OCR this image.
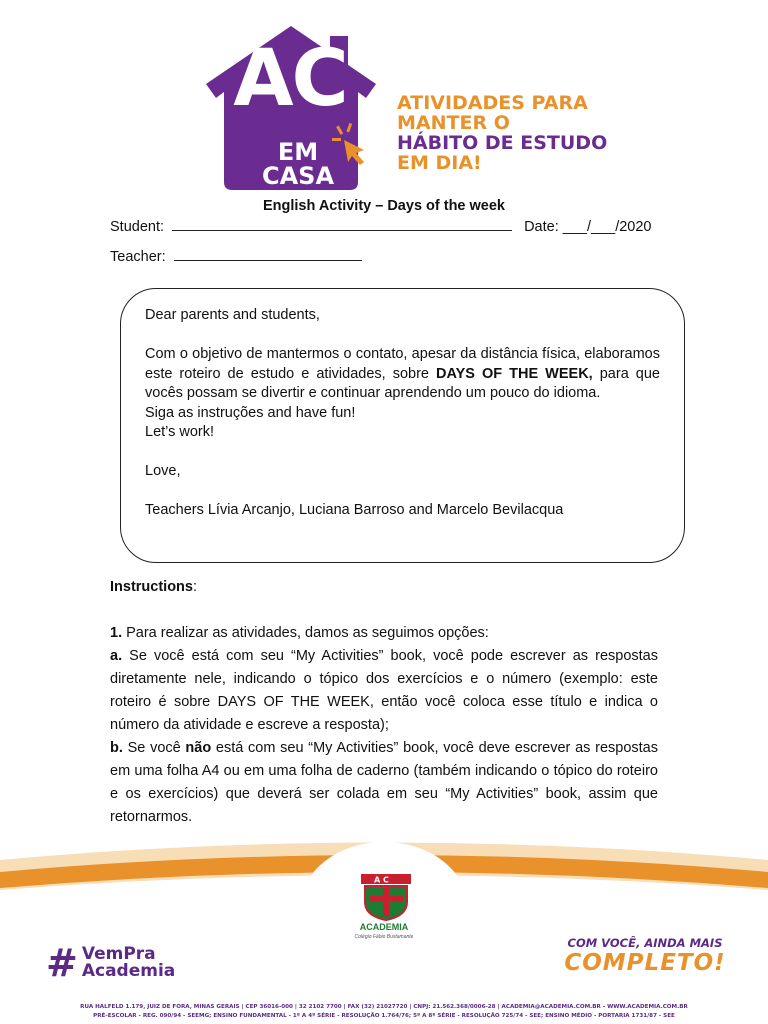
AC
EM CASA
ATIVIDADES PARA
MANTER O
HÁBITO DE ESTUDO
EM DIA!
English Activity – Days of the week
Student:	Date: ___/___/2020
Teacher:

Dear parents and students,

Com o objetivo de mantermos o contato, apesar da distância física, elaboramos este roteiro de estudo e atividades, sobre DAYS OF THE WEEK, para que vocês possam se divertir e continuar aprendendo um pouco do idioma.

Siga as instruções and have fun!

Let’s work!

Love,

Teachers Lívia Arcanjo, Luciana Barroso and Marcelo Bevilacqua

Instructions:

1. Para realizar as atividades, damos as seguimos opções:

a. Se você está com seu “My Activities” book, você pode escrever as respostas diretamente nele, indicando o tópico dos exercícios e o número (exemplo: este roteiro é sobre DAYS OF THE WEEK, então você coloca esse título e indica o número da atividade e escreve a resposta);

b. Se você não está com seu “My Activities” book, você deve escrever as respostas em uma folha A4 ou em uma folha de caderno (também indicando o tópico do roteiro e os exercícios) que deverá ser colada em seu “My Activities” book, assim que retornarmos.

A C
ACADEMIA
Colégio Fábio Bustamante
# VemPra
Academia
COM VOCÊ, AINDA MAIS
COMPLETO!
RUA HALFELD 1.179, JUIZ DE FORA, MINAS GERAIS | CEP 36016-000 | 32 2102 7700 | FAX (32) 21027720 | CNPJ: 21.562.368/0006-28 | ACADEMIA@ACADEMIA.COM.BR - WWW.ACADEMIA.COM.BR
PRÉ-ESCOLAR - REG. 090/94 - SEEMG; ENSINO FUNDAMENTAL - 1º A 4º SÉRIE - RESOLUÇÃO 1.764/76; 5º A 8º SÉRIE - RESOLUÇÃO 725/74 - SEE; ENSINO MÉDIO - PORTARIA 1731/87 - SEE
